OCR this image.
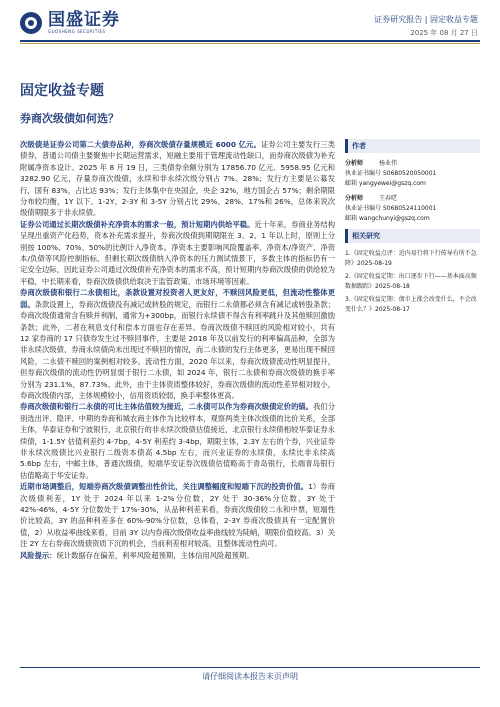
国盛证券
GUOSHENG SECURITIES
证券研究报告 | 固定收益专题
2025 年 08 月 27 日
固定收益专题
券商次级债如何选？

次级债是证券公司第二大债券品种，券商次级债存量规模近 6000 亿元。证券公司主要发行三类债券，普通公司债主要聚焦中长期运营需求，短融主要用于管理流动性缺口，而券商次级债为补充附属净资本设计。2025 年 8 月 19 日，三类债券余额分别为 17856.70 亿元、5958.95 亿元和 3282.90 亿元，存量券商次级债，永续和非永续次级分别占 7%、28%；发行方主要是公募发行，国有 83%，占比达 93%；发行主体集中在央国企，央企 32%，地方国企占 57%；剩余期限分布较均衡，1Y 以下、1-2Y、2-3Y 和 3-5Y 分别占比 29%、28%、17%和 26%，总体来说次级债期限多于非永续债。

证券公司通过长期次级债补充净资本的需求一般，预计短期内供给平稳。近十年来，券商业务结构呈现出重资产化趋势，资本补充需求提升，券商次级债到期期限在 3、2、1 年以上时，原则上分别按 100%、70%、50%的比例计入净资本。净资本主要影响风险覆盖率、净资本/净资产、净资本/负债等风险控制指标，但剩长期次级债纳入净资本的压力测试情景下，多数主体的指标仍有一定安全边际，因此证券公司通过次级债补充净资本的需求不高，预计短期内券商次级债的供给较为平稳，中长期来看，券商次级债供给取决于监管政策、市场环境等因素。

券商次级债和银行二永债相比，条款设置对投资者人更友好，不赎回风险更低，但流动性整体更弱。条款设置上，券商次级债没有减记或转股的规定，而银行二永债都必须含有减记或转股条款；券商次级债通常含有赎并利制，通常为+300bp，而银行永续债不得含有利率跳升及其他赎回激励条款；此外，二者在利息支付和偿本方面也存在差异。券商次级债不赎回的风险相对较小，共有 12 家券商的 17 只债券发生过不赎回事件，主要是 2018 年及以前发行的利率偏高品种，全部为非永续次级债，券商永续债尚未出现过不赎回的情况，而二永债的发行主体更多，更易出现不赎回风险，二永债不赎回的案例相对较多。流动性方面，2020 年以来，券商次级债流动性明显提升，但券商次级债的流动性仍明显弱于银行二永债，如 2024 年，银行二永债和券商次级债的换手率分别为 231.1%、87.73%。此外，由于主体资质整体较好，券商次级债的流动性差异相对较小，券商次级债内部，主体规模较小，信用资质较弱，换手率整体更高。

券商次级债和银行二永债的可比主体估值较为接近，二永债可以作为券商次级债定价的锚。我们分别选出评、隐评、中期的券商和城农商主体作为比较样本，观察两类主体次级债的比价关系，全部主体，华泰证券和宁波银行，北京银行的非永续次级债估值接近，北京银行永续债相较华泰证券永续债，1-1.5Y 估值利差约 4-7bp，4-5Y 利差约 3-4bp，期限主体，2.3Y 左右的个券，兴业证券非永续次级债比兴业银行二级资本债高 4.5bp 左右，而兴业证券的永续债，永续比非永续高 5.6bp 左右，中邮主体，普通次级债，短端华安证券次级债估值略高于青岛银行，长端青岛银行估值略高于华安证券。

近期市场调整后，短端券商次级债调整出性价比，关注调整幅度和短端下沉的投资价值。1）券商次级债利差，1Y 处于 2024 年以来 1-2%分位数，2Y 处于 30-36%分位数，3Y 处于 42%-46%，4-5Y 分位数处于 17%-30%，从品种利差来看，券商次级债较二永和中票，短端性价比较高，3Y 的品种利差多在 60%-90%分位数，总体看，2-3Y 券商次级债具有一定配置价值，2）从收益率曲线来看，目前 3Y 以内券商次级债收益率曲线较为陡峭，期限价值较高。3）关注 2Y 左右券商次级债资质下沉的机会，当前利差相对较高，且整体流动性尚可。

风险提示：统计数据存在偏差，利率风险超预期，主体信用风险超预期。

作者
分析师	杨业伟
执业证书编号 S0680520050001
邮箱 yangyewei@gszq.com
分析师	王春呓
执业证书编号 S0680524110001
邮箱 wangchunyi@gszq.com
相关研究
1.《固定收益点评：近内易行将下行传导有所不急降》2025-08-19
2.《固定收益定期：出口逐步下行——基本面高频数据跟踪》2025-08-18
3.《固定收益定期：债市上涨会改变什么，不会改变什么？》2025-08-17
请仔细阅读本报告末页声明
